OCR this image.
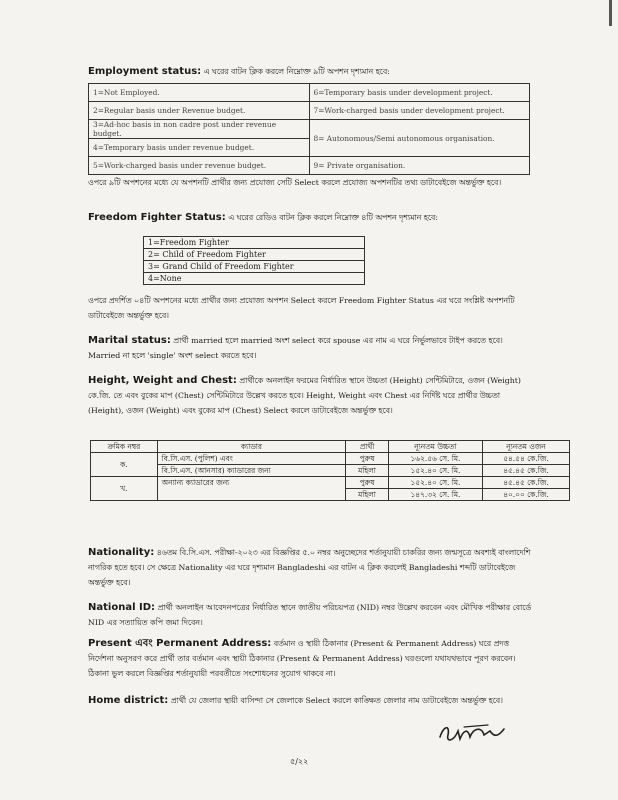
Employment status: এ ঘরের বাটন ক্লিক করলে নিম্নোক্ত ৯টি অপশন দৃশ্যমান হবে:
1=Not Employed.	6=Temporary basis under development project.
2=Regular basis under Revenue budget.	7=Work-charged basis under development project.
3=Ad-hoc basis in non cadre post under revenue budget.	8= Autonomous/Semi autonomous organisation.
4=Temporary basis under revenue budget.	
5=Work-charged basis under revenue budget.	9= Private organisation.
ওপরে ৯টি অপশনের মধ্যে যে অপশনটি প্রার্থীর জন্য প্রযোজ্য সেটি Select করলে প্রযোজ্য অপশনটির তথ্য ডাটাবেইজে অন্তর্ভুক্ত হবে।
Freedom Fighter Status: এ ঘরের রেডিও বাটন ক্লিক করলে নিম্নোক্ত ৪টি অপশন দৃশ্যমান হবে:
1=Freedom Fighter
2= Child of Freedom Fighter
3= Grand Child of Freedom Fighter
4=None
ওপরে প্রদর্শিত ০৪টি অপশনের মধ্যে প্রার্থীর জন্য প্রযোজ্য অপশন Select করলে Freedom Fighter Status এর ঘরে সংশ্লিষ্ট অপশনটি ডাটাবেইজে অন্তর্ভুক্ত হবে।
Marital status: প্রার্থী married হলে married অংশ select করে spouse এর নাম এ ঘরে নির্ভুলভাবে টাইপ করতে হবে। Married না হলে 'single' অংশ select করতে হবে।
Height, Weight and Chest: প্রার্থীকে অনলাইন ফরমের নির্ধারিত স্থানে উচ্চতা (Height) সেন্টিমিটারে, ওজন (Weight) কে.জি. তে এবং বুকের মাপ (Chest) সেন্টিমিটারে উল্লেখ করতে হবে। Height, Weight এবং Chest এর নির্দিষ্ট ঘরে প্রার্থীর উচ্চতা (Height), ওজন (Weight) এবং বুকের মাপ (Chest) Select করলে ডাটাবেইজে অন্তর্ভুক্ত হবে।
ক্রমিক নম্বর	ক্যাডার	প্রার্থী	ন্যূনতম উচ্চতা	ন্যূনতম ওজন
ক.	বি.সি.এস. (পুলিশ) এবং	পুরুষ	১৬২.৫৬ সে. মি.	৫৪.৫৪ কে.জি.
	বি.সি.এস. (আনসার) ক্যাডারের জন্য	মহিলা	১৫২.৪০ সে. মি.	৪৫.৪৫ কে.জি.
খ.	অন্যান্য ক্যাডারের জন্য	পুরুষ	১৫২.৪০ সে. মি.	৪৫.৪৫ কে.জি.
		মহিলা	১৪৭.৩২ সে. মি.	৪০.০০ কে.জি.
Nationality: ৪৬তম বি.সি.এস. পরীক্ষা-২০২৩ এর বিজ্ঞপ্তির ৫.০ নম্বর অনুচ্ছেদের শর্তানুযায়ী চাকরির জন্য জন্মসূত্রে অবশ্যই বাংলাদেশি নাগরিক হতে হবে। সে ক্ষেত্রে Nationality এর ঘরে দৃশ্যমান Bangladeshi এর বাটন এ ক্লিক করলেই Bangladeshi শব্দটি ডাটাবেইজে অন্তর্ভুক্ত হবে।
National ID: প্রার্থী অনলাইন আবেদনপত্রের নির্ধারিত স্থানে জাতীয় পরিচয়পত্র (NID) নম্বর উল্লেখ করবেন এবং মৌখিক পরীক্ষার বোর্ডে NID এর সত্যায়িত কপি জমা দিবেন।
Present এবং Permanent Address: বর্তমান ও স্থায়ী ঠিকানার (Present & Permanent Address) ঘরে প্রদত্ত নির্দেশনা অনুসরণ করে প্রার্থী তার বর্তমান এবং স্থায়ী ঠিকানার (Present & Permanent Address) ঘরগুলো যথাযথভাবে পূরণ করবেন। ঠিকানা ভুল করলে বিজ্ঞপ্তির শর্তানুযায়ী পরবর্তীতে সংশোধনের সুযোগ থাকবে না।
Home district: প্রার্থী যে জেলার স্থায়ী বাসিন্দা সে জেলাকে Select করলে কাঙ্ক্ষিত জেলার নাম ডাটাবেইজে অন্তর্ভুক্ত হবে।
৫/২২
